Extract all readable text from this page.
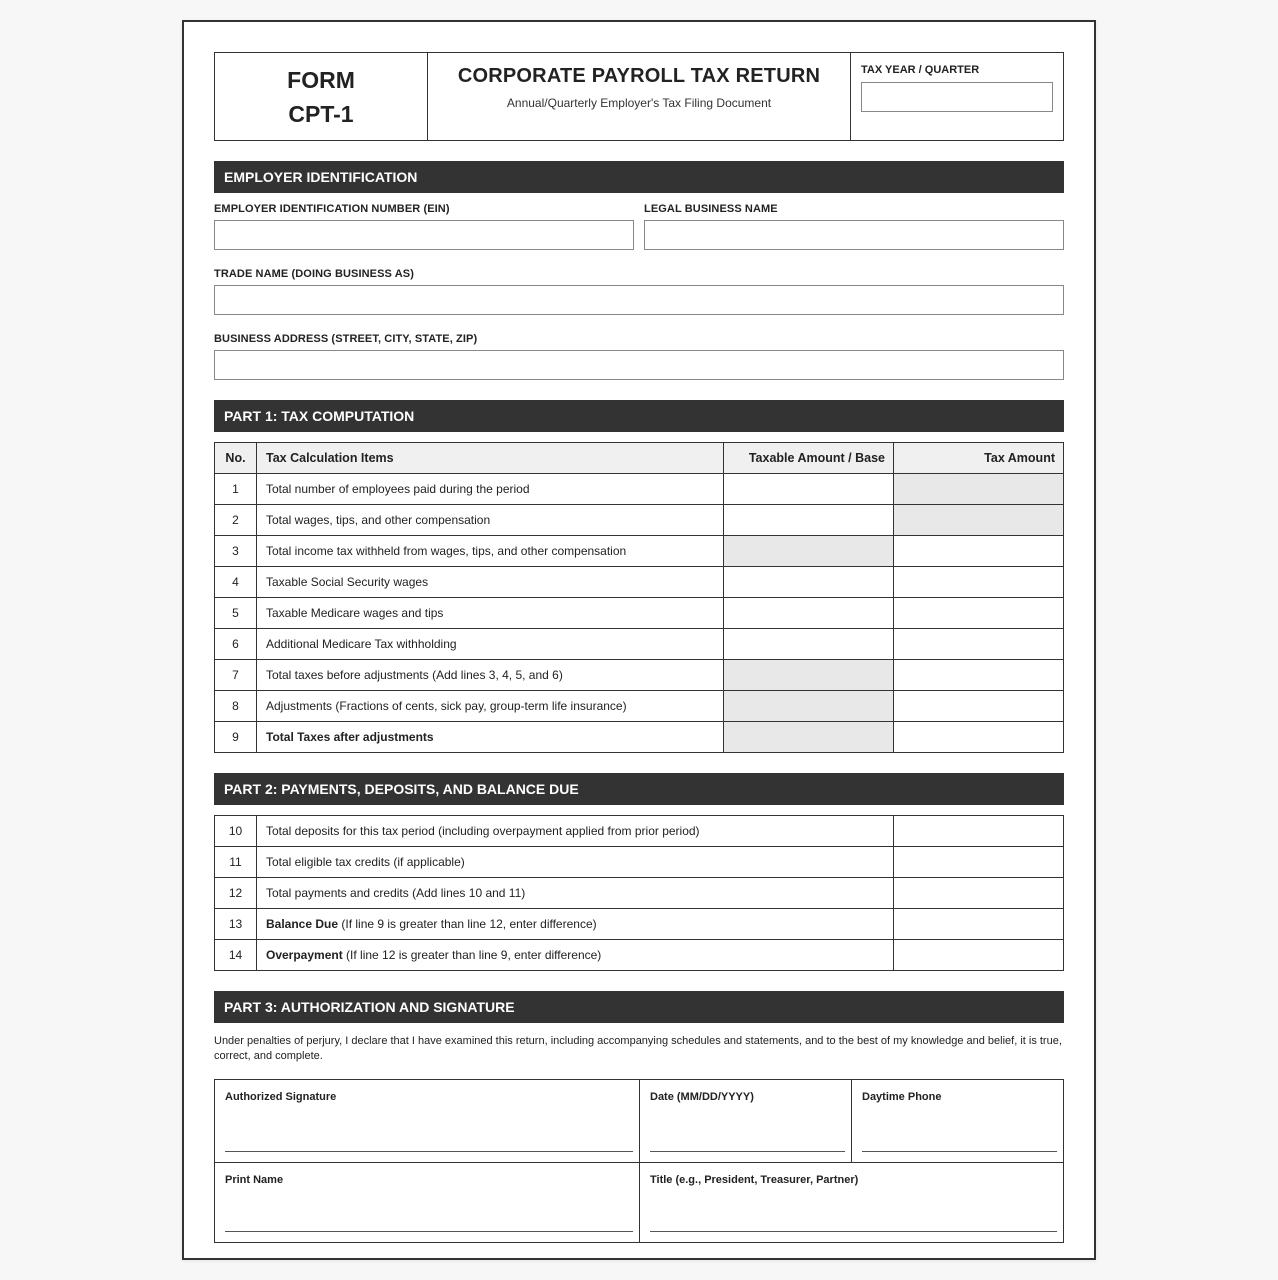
FORM
CPT-1
CORPORATE PAYROLL TAX RETURN
Annual/Quarterly Employer's Tax Filing Document
TAX YEAR / QUARTER
EMPLOYER IDENTIFICATION
EMPLOYER IDENTIFICATION NUMBER (EIN)	LEGAL BUSINESS NAME
TRADE NAME (DOING BUSINESS AS)
BUSINESS ADDRESS (STREET, CITY, STATE, ZIP)
PART 1: TAX COMPUTATION
No.	Tax Calculation Items	Taxable Amount / Base	Tax Amount
1	Total number of employees paid during the period		
2	Total wages, tips, and other compensation		
3	Total income tax withheld from wages, tips, and other compensation		
4	Taxable Social Security wages		
5	Taxable Medicare wages and tips		
6	Additional Medicare Tax withholding		
7	Total taxes before adjustments (Add lines 3, 4, 5, and 6)		
8	Adjustments (Fractions of cents, sick pay, group-term life insurance)		
9	Total Taxes after adjustments		
PART 2: PAYMENTS, DEPOSITS, AND BALANCE DUE
10	Total deposits for this tax period (including overpayment applied from prior period)	
11	Total eligible tax credits (if applicable)	
12	Total payments and credits (Add lines 10 and 11)	
13	Balance Due (If line 9 is greater than line 12, enter difference)	
14	Overpayment (If line 12 is greater than line 9, enter difference)	
PART 3: AUTHORIZATION AND SIGNATURE

Under penalties of perjury, I declare that I have examined this return, including accompanying schedules and statements, and to the best of my knowledge and belief, it is true, correct, and complete.

Authorized Signature	Date (MM/DD/YYYY)	Daytime Phone
Print Name	Title (e.g., President, Treasurer, Partner)
